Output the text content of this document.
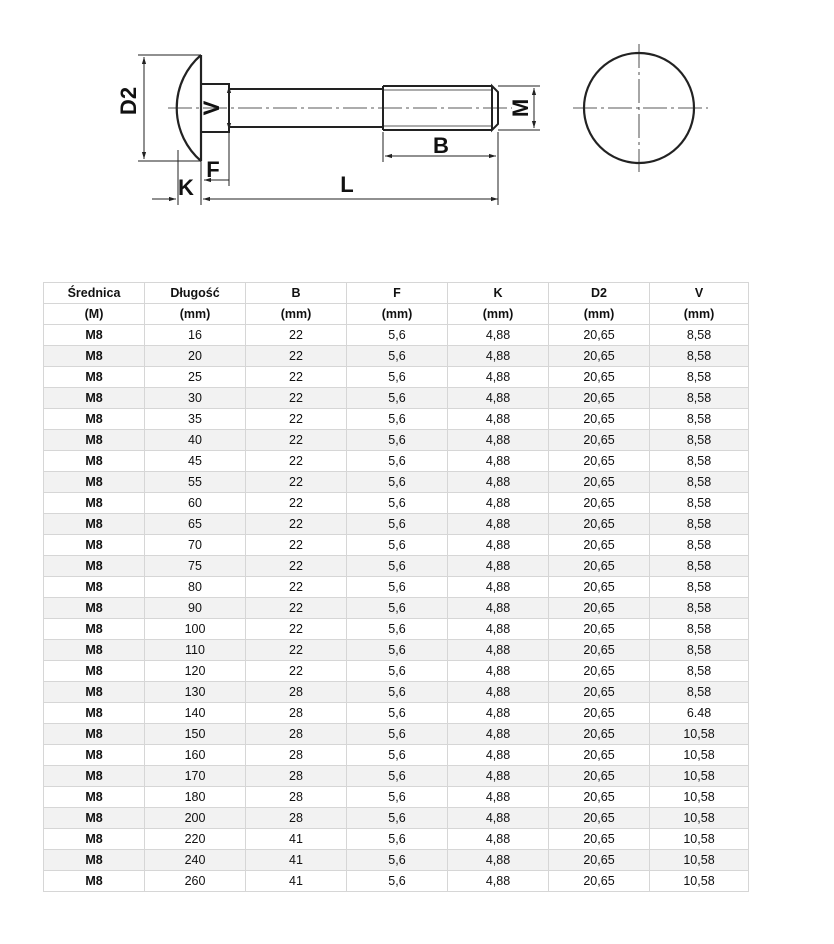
D2	V
F
K	L
B
M
Średnica	Długość	B	F	K	D2	V
(M)	(mm)	(mm)	(mm)	(mm)	(mm)	(mm)
M8	16	22	5,6	4,88	20,65	8,58
M8	20	22	5,6	4,88	20,65	8,58
M8	25	22	5,6	4,88	20,65	8,58
M8	30	22	5,6	4,88	20,65	8,58
M8	35	22	5,6	4,88	20,65	8,58
M8	40	22	5,6	4,88	20,65	8,58
M8	45	22	5,6	4,88	20,65	8,58
M8	55	22	5,6	4,88	20,65	8,58
M8	60	22	5,6	4,88	20,65	8,58
M8	65	22	5,6	4,88	20,65	8,58
M8	70	22	5,6	4,88	20,65	8,58
M8	75	22	5,6	4,88	20,65	8,58
M8	80	22	5,6	4,88	20,65	8,58
M8	90	22	5,6	4,88	20,65	8,58
M8	100	22	5,6	4,88	20,65	8,58
M8	110	22	5,6	4,88	20,65	8,58
M8	120	22	5,6	4,88	20,65	8,58
M8	130	28	5,6	4,88	20,65	8,58
M8	140	28	5,6	4,88	20,65	6.48
M8	150	28	5,6	4,88	20,65	10,58
M8	160	28	5,6	4,88	20,65	10,58
M8	170	28	5,6	4,88	20,65	10,58
M8	180	28	5,6	4,88	20,65	10,58
M8	200	28	5,6	4,88	20,65	10,58
M8	220	41	5,6	4,88	20,65	10,58
M8	240	41	5,6	4,88	20,65	10,58
M8	260	41	5,6	4,88	20,65	10,58
